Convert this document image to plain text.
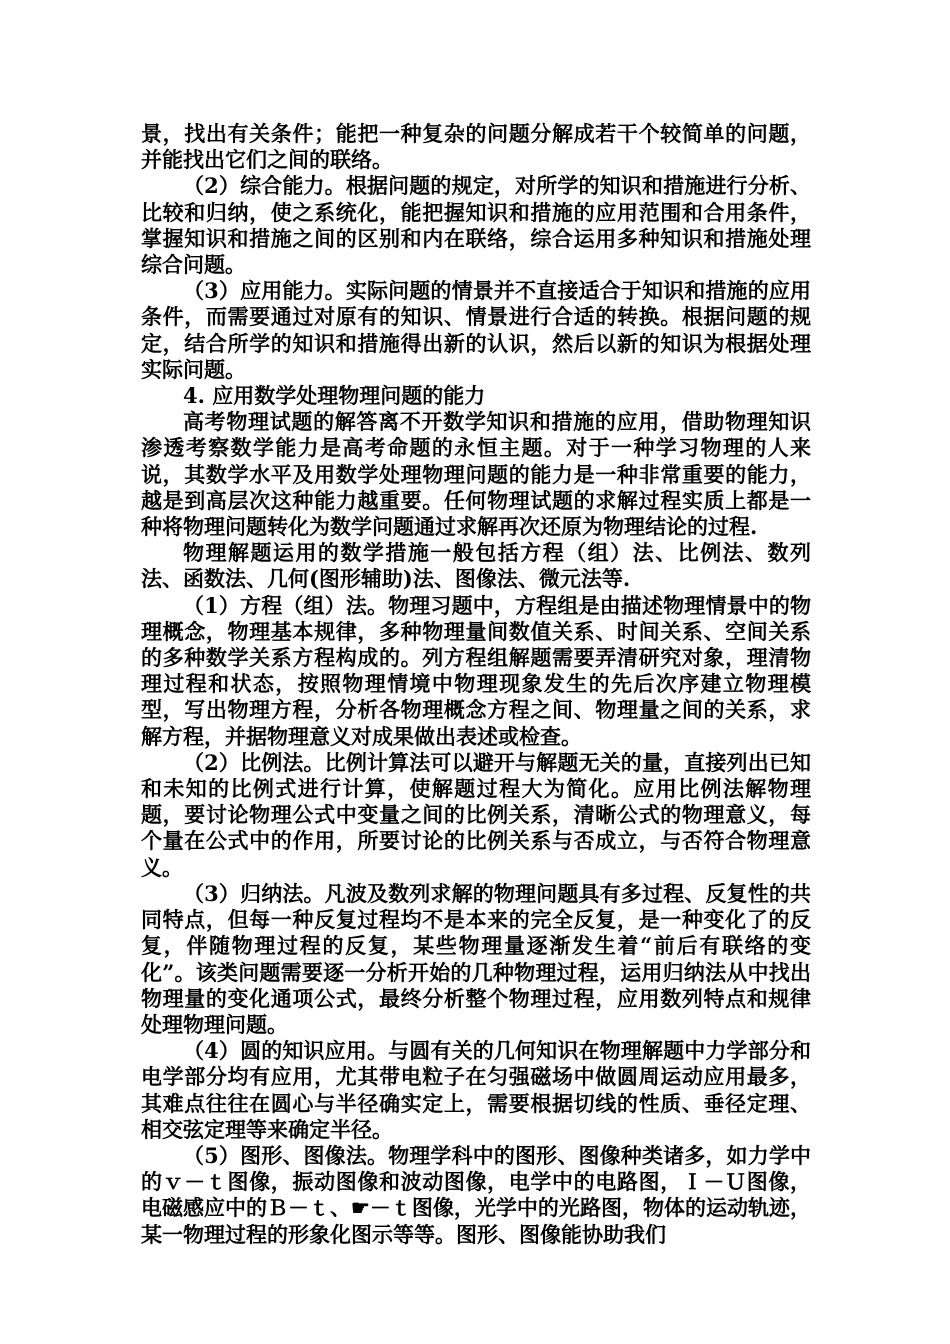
景，找出有关条件；能把一种复杂的问题分解成若干个较简单的问题，并能找出它们之间的联络。

（2）综合能力。根据问题的规定，对所学的知识和措施进行分析、比较和归纳，使之系统化，能把握知识和措施的应用范围和合用条件，掌握知识和措施之间的区别和内在联络，综合运用多种知识和措施处理综合问题。

（3）应用能力。实际问题的情景并不直接适合于知识和措施的应用条件，而需要通过对原有的知识、情景进行合适的转换。根据问题的规定，结合所学的知识和措施得出新的认识，然后以新的知识为根据处理实际问题。

4. 应用数学处理物理问题的能力

高考物理试题的解答离不开数学知识和措施的应用，借助物理知识渗透考察数学能力是高考命题的永恒主题。对于一种学习物理的人来说，其数学水平及用数学处理物理问题的能力是一种非常重要的能力，越是到高层次这种能力越重要。任何物理试题的求解过程实质上都是一种将物理问题转化为数学问题通过求解再次还原为物理结论的过程.

物理解题运用的数学措施一般包括方程（组）法、比例法、数列法、函数法、几何(图形辅助)法、图像法、微元法等.

（1）方程（组）法。物理习题中，方程组是由描述物理情景中的物理概念，物理基本规律，多种物理量间数值关系、时间关系、空间关系的多种数学关系方程构成的。列方程组解题需要弄清研究对象，理清物理过程和状态，按照物理情境中物理现象发生的先后次序建立物理模型，写出物理方程，分析各物理概念方程之间、物理量之间的关系，求解方程，并据物理意义对成果做出表述或检查。

（2）比例法。比例计算法可以避开与解题无关的量，直接列出已知和未知的比例式进行计算，使解题过程大为简化。应用比例法解物理题，要讨论物理公式中变量之间的比例关系，清晰公式的物理意义，每个量在公式中的作用，所要讨论的比例关系与否成立，与否符合物理意义。

（3）归纳法。凡波及数列求解的物理问题具有多过程、反复性的共同特点，但每一种反复过程均不是本来的完全反复，是一种变化了的反复，伴随物理过程的反复，某些物理量逐渐发生着“前后有联络的变化”。该类问题需要逐一分析开始的几种物理过程，运用归纳法从中找出物理量的变化通项公式，最终分析整个物理过程，应用数列特点和规律处理物理问题。

（4）圆的知识应用。与圆有关的几何知识在物理解题中力学部分和电学部分均有应用，尤其带电粒子在匀强磁场中做圆周运动应用最多，其难点往往在圆心与半径确实定上，需要根据切线的性质、垂径定理、相交弦定理等来确定半径。

（5）图形、图像法。物理学科中的图形、图像种类诸多，如力学中的ｖ－ｔ图像，振动图像和波动图像，电学中的电路图，Ｉ－Ｕ图像，电磁感应中的Ｂ－ｔ、☛－ｔ图像，光学中的光路图，物体的运动轨迹，某一物理过程的形象化图示等等。图形、图像能协助我们
